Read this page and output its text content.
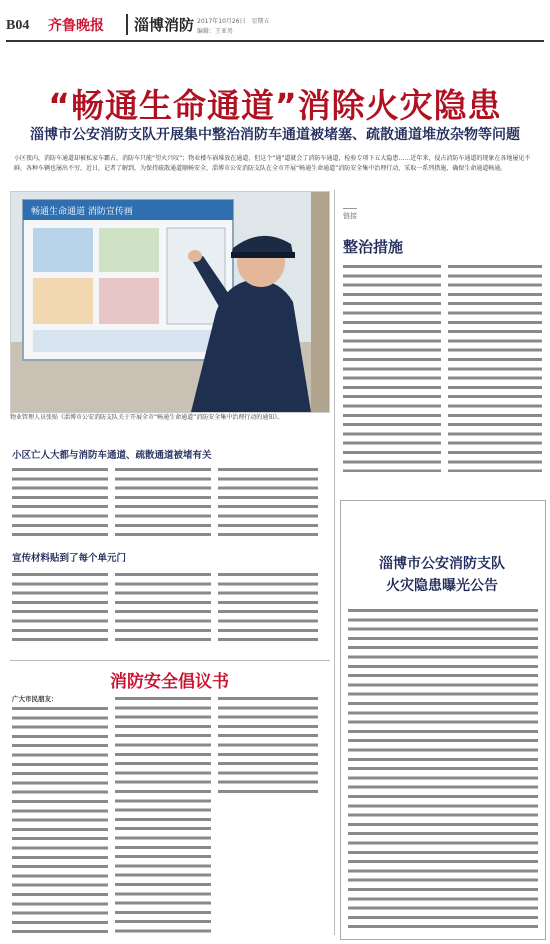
B04 齐鲁晚报	淄博消防 2017年10月26日　星期五
编辑：王亚男
“畅通生命通道”消除火灾隐患
淄博市公安消防支队开展集中整治消防车通道被堵塞、疏散通道堆放杂物等问题
小区夜内，消防车通道却被私家车霸占，消防车只能“望火兴叹”；物业楼车祸堆放在通道，但这个“通”道就会了消防车通道，检验专项下五大隐患……近年来，侵占消防车通道的现象在各地屡见不鲜，各种车辆也屡出不穷，近日，记者了解到，为保持疏散通道顺畅安全，淄博市公安消防支队在全市开展“畅通生命通道”消防安全集中治理行动，采取一系列措施，确保生命通道畅通。
畅通生命通道 消防宣传画
物业管理人员张贴《淄博市公安消防支队关于开展全市“畅通生命通道”消防安全集中治理行动的通知》。
小区亡人大都与消防车通道、疏散通道被堵有关
宣传材料贴到了每个单元门
消防安全倡议书
广大市民朋友：
链接
整治措施
淄博市公安消防支队
火灾隐患曝光公告
